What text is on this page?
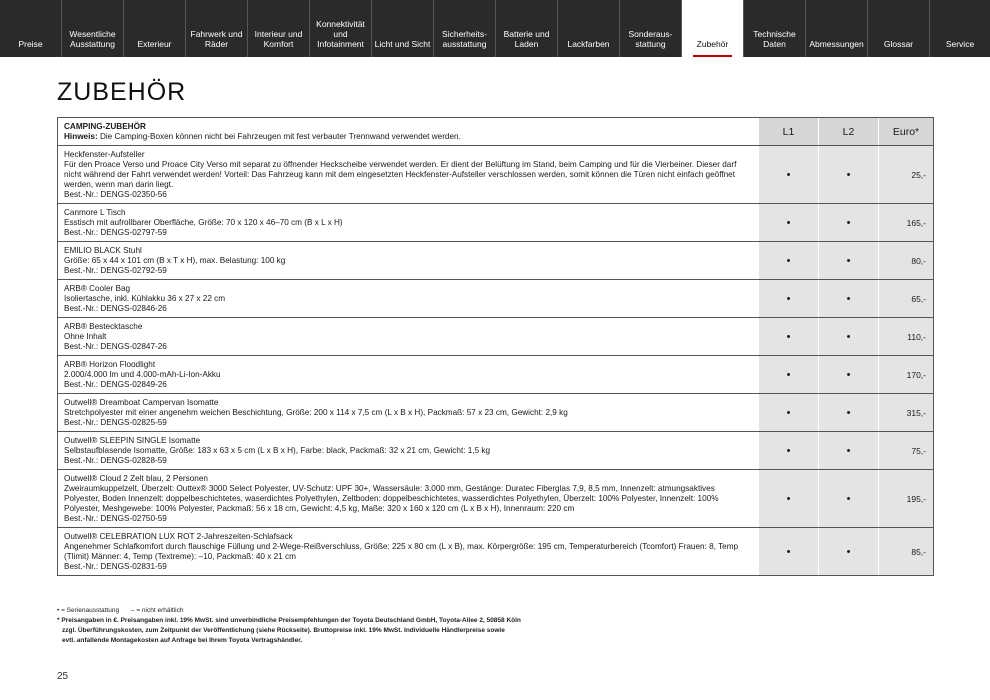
Preise
Wesentliche Ausstattung	Exterieur
Fahrwerk und Räder
Interieur und Komfort
Konnektivität und Infotainment	Licht und Sicht
Sicherheits-ausstattung
Batterie und Laden	Lackfarben
Sonderaus-stattung	Zubehör
Technische Daten	Abmessungen	Glossar	Service
ZUBEHÖR
CAMPING-ZUBEHÖR
Hinweis: Die Camping-Boxen können nicht bei Fahrzeugen mit fest verbauter Trennwand verwendet werden.	L1	L2	Euro*
Heckfenster-Aufsteller
Für den Proace Verso und Proace City Verso mit separat zu öffnender Heckscheibe verwendet werden. Er dient der Belüftung im Stand, beim Camping und für die Vierbeiner. Dieser darf nicht während der Fahrt verwendet werden! Vorteil: Das Fahrzeug kann mit dem eingesetzten Heckfenster-Aufsteller verschlossen werden, somit können die Türen nicht einfach geöffnet werden, wenn man darin liegt.
Best.-Nr.: DENGS-02350-56
•	•	25,-
Canmore L Tisch
Esstisch mit aufrollbarer Oberfläche, Größe: 70 x 120 x 46–70 cm (B x L x H)
Best.-Nr.: DENGS-02797-59
•	•	165,-
EMILIO BLACK Stuhl
Größe: 65 x 44 x 101 cm (B x T x H), max. Belastung: 100 kg
Best.-Nr.: DENGS-02792-59
•	•	80,-
ARB® Cooler Bag
Isoliertasche, inkl. Kühlakku 36 x 27 x 22 cm
Best.-Nr.: DENGS-02846-26
•	•	65,-
ARB® Bestecktasche
Ohne Inhalt
Best.-Nr.: DENGS-02847-26
•	•	110,-
ARB® Horizon Floodlight
2.000/4.000 lm und 4.000-mAh-Li-Ion-Akku
Best.-Nr.: DENGS-02849-26
•	•	170,-
Outwell® Dreamboat Campervan Isomatte
Stretchpolyester mit einer angenehm weichen Beschichtung, Größe: 200 x 114 x 7,5 cm (L x B x H), Packmaß: 57 x 23 cm, Gewicht: 2,9 kg
Best.-Nr.: DENGS-02825-59
•	•	315,-
Outwell® SLEEPIN SINGLE Isomatte
Selbstaufblasende Isomatte, Größe: 183 x 63 x 5 cm (L x B x H), Farbe: black, Packmaß: 32 x 21 cm, Gewicht: 1,5 kg
Best.-Nr.: DENGS-02828-59
•	•	75,-
Outwell® Cloud 2 Zelt blau, 2 Personen
Zweiraumkuppelzelt, Überzelt: Outtex® 3000 Select Polyester, UV-Schutz: UPF 30+, Wassersäule: 3.000 mm, Gestänge: Duratec Fiberglas 7,9, 8,5 mm, Innenzelt: atmungsaktives Polyester, Boden Innenzelt: doppelbeschichtetes, waserdichtes Polyethylen, Zeltboden: doppelbeschichtetes, wasserdichtes Polyethylen, Überzelt: 100% Polyester, Innenzelt: 100% Polyester, Meshgewebe: 100% Polyester, Packmaß: 56 x 18 cm, Gewicht: 4,5 kg, Maße: 320 x 160 x 120 cm (L x B x H), Innenraum: 220 cm
Best.-Nr.: DENGS-02750-59
•	•	195,-
Outwell® CELEBRATION LUX ROT 2-Jahreszeiten-Schlafsack
Angenehmer Schlafkomfort durch flauschige Füllung und 2-Wege-Reißverschluss, Größe: 225 x 80 cm (L x B), max. Körpergröße: 195 cm, Temperaturbereich (Tcomfort) Frauen: 8, Temp (Tlimit) Männer: 4, Temp (Textreme): –10, Packmaß: 40 x 21 cm
Best.-Nr.: DENGS-02831-59
•	•	85,-
• = Serienausstattung – = nicht erhältlich
* Preisangaben in €. Preisangaben inkl. 19% MwSt. sind unverbindliche Preisempfehlungen der Toyota Deutschland GmbH, Toyota-Allee 2, 50858 Köln
zzgl. Überführungskosten, zum Zeitpunkt der Veröffentlichung (siehe Rückseite). Bruttopreise inkl. 19% MwSt. Individuelle Händlerpreise sowie
evtl. anfallende Montagekosten auf Anfrage bei Ihrem Toyota Vertragshändler.
25
